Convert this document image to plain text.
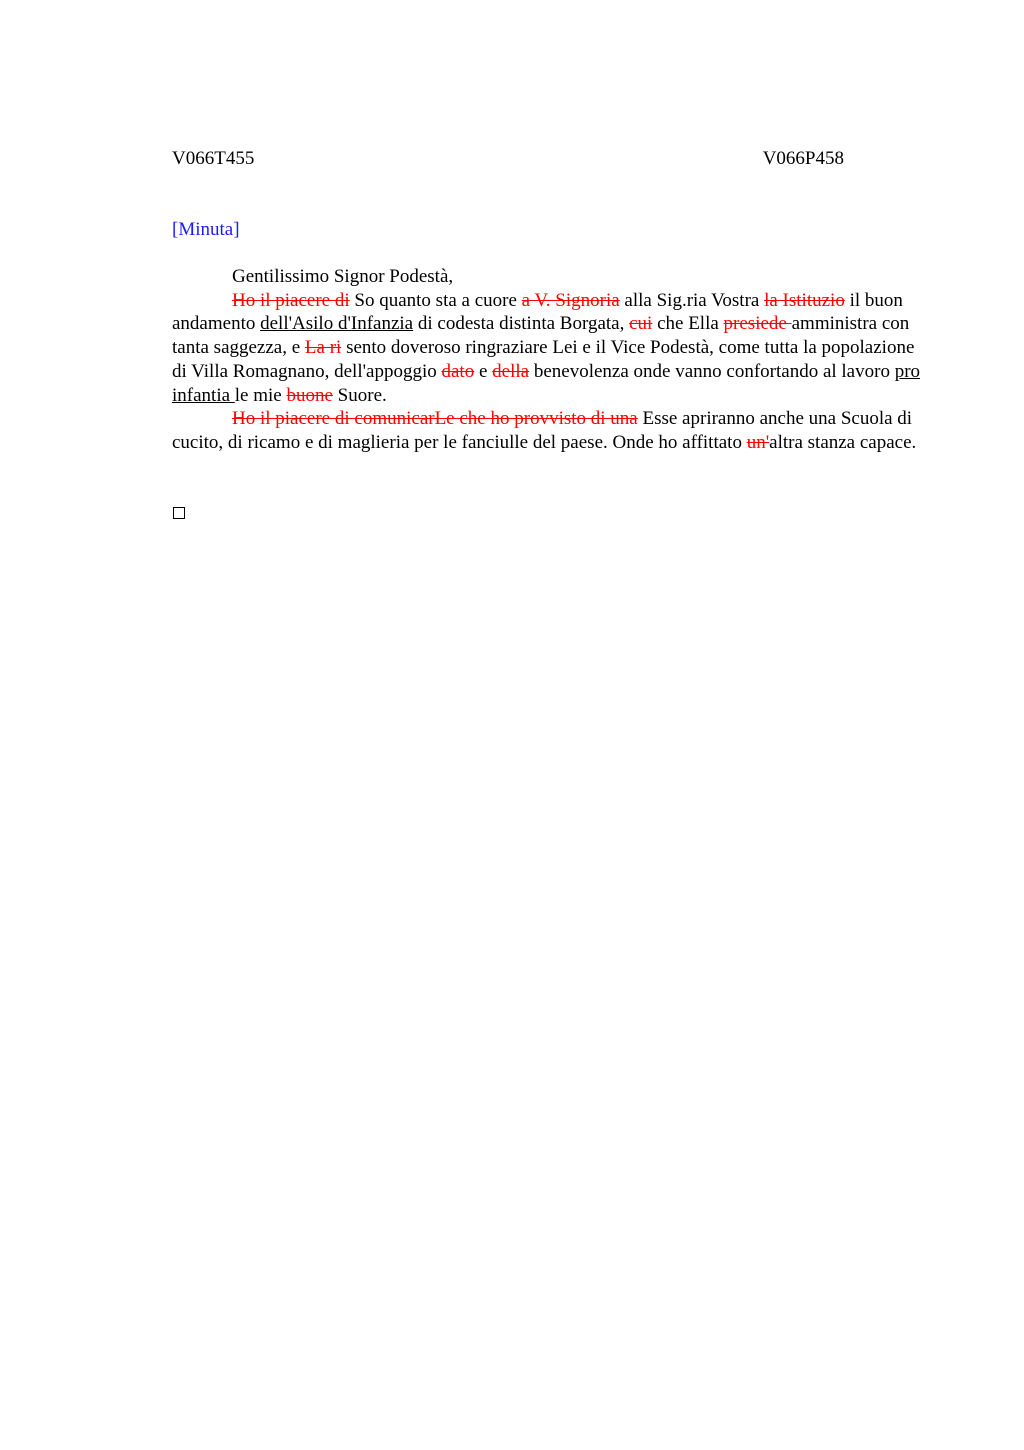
V066T455	V066P458
[Minuta]

Gentilissimo Signor Podestà,

Ho il piacere di So quanto sta a cuore a V. Signoria alla Sig.ria Vostra la Istituzio il buon andamento dell'Asilo d'Infanzia di codesta distinta Borgata, cui che Ella presiede amministra con tanta saggezza, e La ri sento doveroso ringraziare Lei e il Vice Podestà, come tutta la popolazione di Villa Romagnano, dell'appoggio dato e della benevolenza onde vanno confortando al lavoro pro infantia le mie buone Suore.

Ho il piacere di comunicarLe che ho provvisto di una Esse apriranno anche una Scuola di cucito, di ricamo e di maglieria per le fanciulle del paese. Onde ho affittato un'altra stanza capace.
